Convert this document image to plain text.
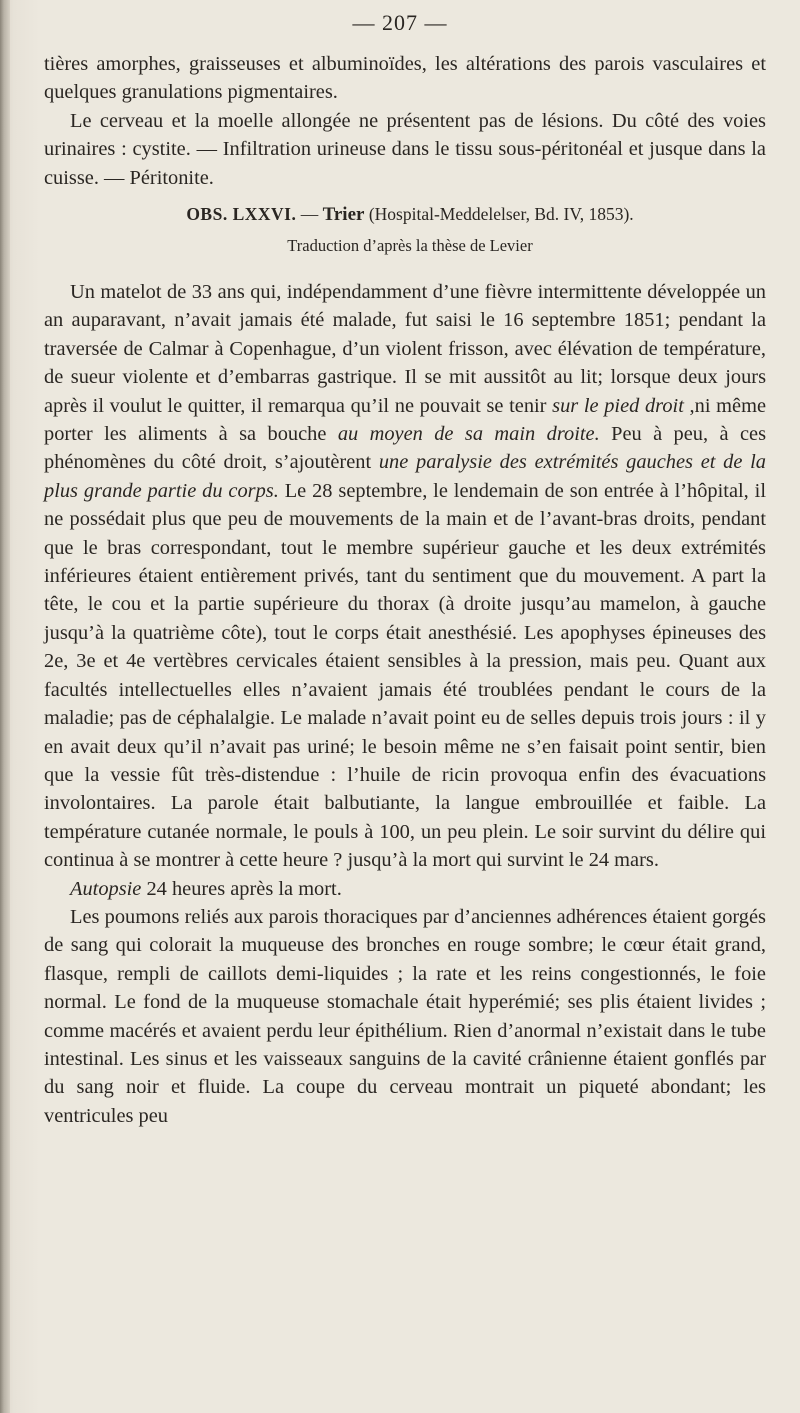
— 207 —

tières amorphes, graisseuses et albuminoïdes, les altérations des parois vasculaires et quelques granulations pigmentaires.

Le cerveau et la moelle allongée ne présentent pas de lésions. Du côté des voies urinaires : cystite. — Infiltration urineuse dans le tissu sous-péritonéal et jusque dans la cuisse. — Péritonite.

OBS. LXXVI. — Trier (Hospital-Meddelelser, Bd. IV, 1853).
Traduction d’après la thèse de Levier

Un matelot de 33 ans qui, indépendamment d’une fièvre intermittente développée un an auparavant, n’avait jamais été malade, fut saisi le 16 septembre 1851; pendant la traversée de Calmar à Copenhague, d’un violent frisson, avec élévation de température, de sueur violente et d’embarras gastrique. Il se mit aussitôt au lit; lorsque deux jours après il voulut le quitter, il remarqua qu’il ne pouvait se tenir sur le pied droit ,ni même porter les aliments à sa bouche au moyen de sa main droite. Peu à peu, à ces phénomènes du côté droit, s’ajoutèrent une paralysie des extrémités gauches et de la plus grande partie du corps. Le 28 septembre, le lendemain de son entrée à l’hôpital, il ne possédait plus que peu de mouvements de la main et de l’avant-bras droits, pendant que le bras correspondant, tout le membre supérieur gauche et les deux extrémités inférieures étaient entièrement privés, tant du sentiment que du mouvement. A part la tête, le cou et la partie supérieure du thorax (à droite jusqu’au mamelon, à gauche jusqu’à la quatrième côte), tout le corps était anesthésié. Les apophyses épineuses des 2e, 3e et 4e vertèbres cervicales étaient sensibles à la pression, mais peu. Quant aux facultés intellectuelles elles n’avaient jamais été troublées pendant le cours de la maladie; pas de céphalalgie. Le malade n’avait point eu de selles depuis trois jours : il y en avait deux qu’il n’avait pas uriné; le besoin même ne s’en faisait point sentir, bien que la vessie fût très-distendue : l’huile de ricin provoqua enfin des évacuations involontaires. La parole était balbutiante, la langue embrouillée et faible. La température cutanée normale, le pouls à 100, un peu plein. Le soir survint du délire qui continua à se montrer à cette heure ? jusqu’à la mort qui survint le 24 mars.

Autopsie 24 heures après la mort.

Les poumons reliés aux parois thoraciques par d’anciennes adhérences étaient gorgés de sang qui colorait la muqueuse des bronches en rouge sombre; le cœur était grand, flasque, rempli de caillots demi-liquides ; la rate et les reins congestionnés, le foie normal. Le fond de la muqueuse stomachale était hyperémié; ses plis étaient livides ; comme macérés et avaient perdu leur épithélium. Rien d’anormal n’existait dans le tube intestinal. Les sinus et les vaisseaux sanguins de la cavité crânienne étaient gonflés par du sang noir et fluide. La coupe du cerveau montrait un piqueté abondant; les ventricules peu
